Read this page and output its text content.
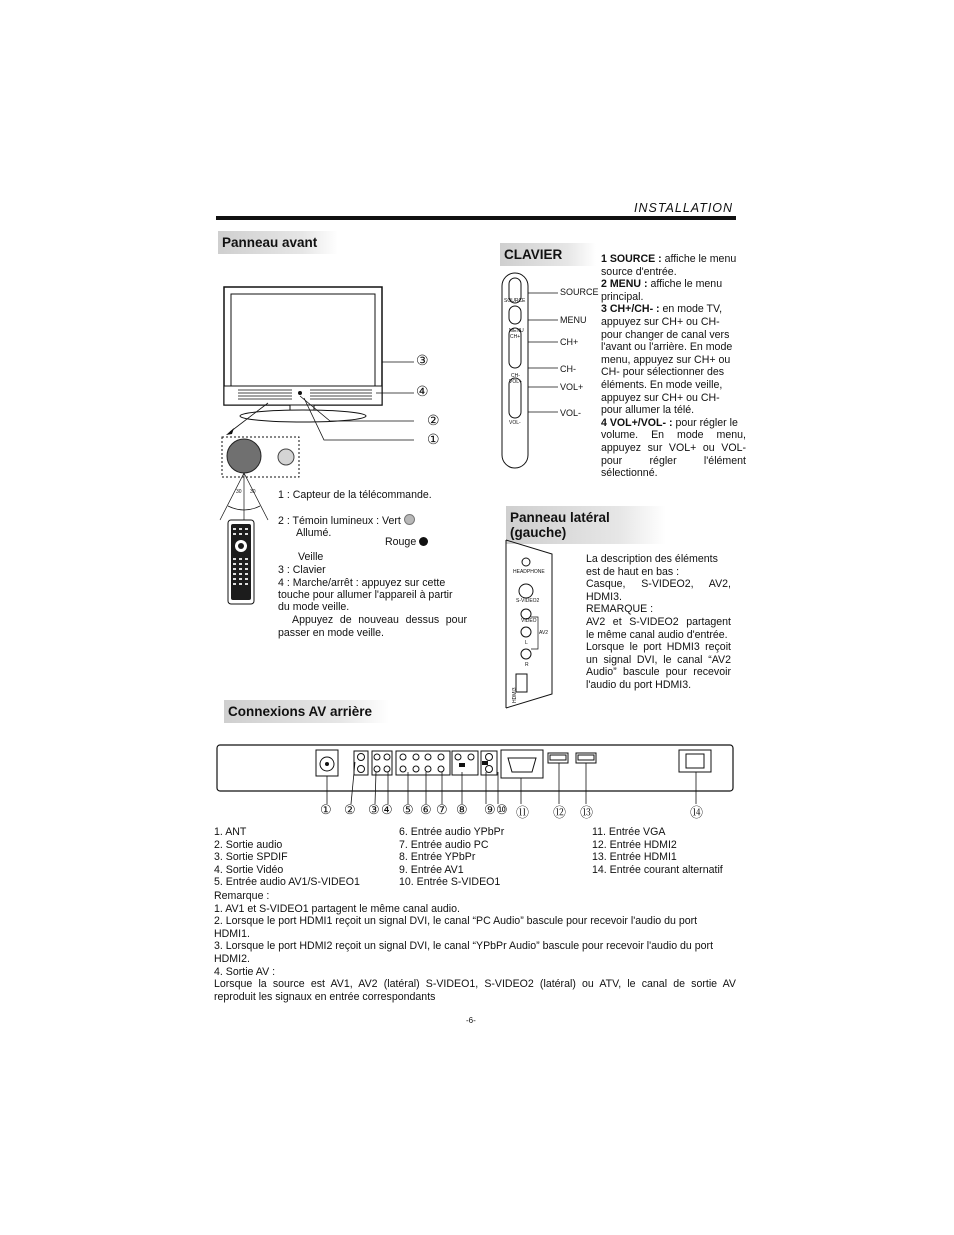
INSTALLATION
Panneau avant
③
④
②
①
30 30 1 : Capteur de la télécommande.
2 : Témoin lumineux : Vert
Allumé.
Rouge
Veille
3 : Clavier
4 : Marche/arrêt : appuyez sur cette
touche pour allumer l'appareil à partir
du mode veille.
Appuyez de nouveau dessus pour
passer en mode veille.
CLAVIER
SOURCE
MENU
CH+
CH-
VOL+
VOL-
SOURCE
MENU
CH+
CH-
VOL+
VOL-
1 SOURCE : affiche le menu
source d'entrée.
2 MENU : affiche le menu
principal.
3 CH+/CH- : en mode TV,
appuyez sur CH+ ou CH-
pour changer de canal vers
l'avant ou l'arrière. En mode
menu, appuyez sur CH+ ou
CH- pour sélectionner des
éléments. En mode veille,
appuyez sur CH+ ou CH-
pour allumer la télé.
4 VOL+/VOL- : pour régler le
volume. En mode menu,
appuyez sur VOL+ ou VOL-
pour régler l'élément
sélectionné.
Panneau latéral (gauche)
HEADPHONE
S-VIDEO2
VIDEO
L
AV2
R
HDMI3
La description des éléments
est de haut en bas :
Casque, S-VIDEO2, AV2,
HDMI3.
REMARQUE :
AV2 et S-VIDEO2 partagent
le même canal audio d'entrée.
Lorsque le port HDMI3 reçoit
un signal DVI, le canal “AV2
Audio” bascule pour recevoir
l'audio du port HDMI3.
Connexions AV arrière
① ② ③ ④ ⑤ ⑥ ⑦ ⑧ ⑨ ⑩ ⑪ ⑫ ⑬	⑭
1. ANT
2. Sortie audio
3. Sortie SPDIF
4. Sortie Vidéo
5. Entrée audio AV1/S-VIDEO1
6. Entrée audio YPbPr
7. Entrée audio PC
8. Entrée YPbPr
9. Entrée AV1
10. Entrée S-VIDEO1
11. Entrée VGA
12. Entrée HDMI2
13. Entrée HDMI1
14. Entrée courant alternatif
Remarque :
1. AV1 et S-VIDEO1 partagent le même canal audio.
2. Lorsque le port HDMI1 reçoit un signal DVI, le canal “PC Audio” bascule pour recevoir l'audio du port
HDMI1.
3. Lorsque le port HDMI2 reçoit un signal DVI, le canal “YPbPr Audio” bascule pour recevoir l'audio du port
HDMI2.
4. Sortie AV :
Lorsque la source est AV1, AV2 (latéral) S-VIDEO1, S-VIDEO2 (latéral) ou ATV, le canal de sortie AV
reproduit les signaux en entrée correspondants
-6-
